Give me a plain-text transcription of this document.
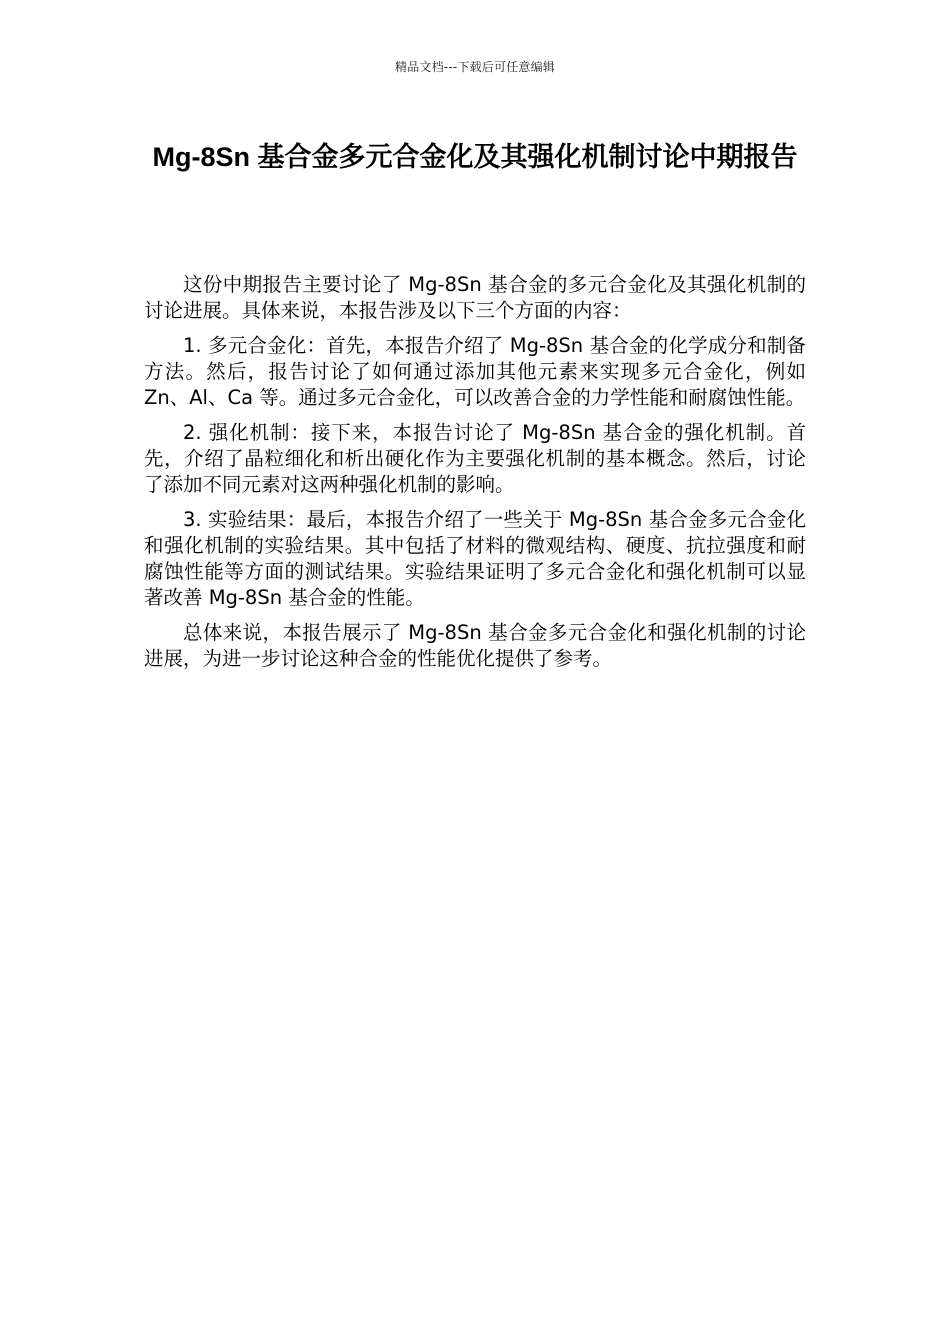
精品文档---下载后可任意编辑
Mg-8Sn 基合金多元合金化及其强化机制讨论中期报告

这份中期报告主要讨论了 Mg-8Sn 基合金的多元合金化及其强化机制的讨论进展。具体来说，本报告涉及以下三个方面的内容：

1. 多元合金化：首先，本报告介绍了 Mg-8Sn 基合金的化学成分和制备方法。然后，报告讨论了如何通过添加其他元素来实现多元合金化，例如 Zn、Al、Ca 等。通过多元合金化，可以改善合金的力学性能和耐腐蚀性能。

2. 强化机制：接下来，本报告讨论了 Mg-8Sn 基合金的强化机制。首先，介绍了晶粒细化和析出硬化作为主要强化机制的基本概念。然后，讨论了添加不同元素对这两种强化机制的影响。

3. 实验结果：最后，本报告介绍了一些关于 Mg-8Sn 基合金多元合金化和强化机制的实验结果。其中包括了材料的微观结构、硬度、抗拉强度和耐腐蚀性能等方面的测试结果。实验结果证明了多元合金化和强化机制可以显著改善 Mg-8Sn 基合金的性能。

总体来说，本报告展示了 Mg-8Sn 基合金多元合金化和强化机制的讨论进展，为进一步讨论这种合金的性能优化提供了参考。
